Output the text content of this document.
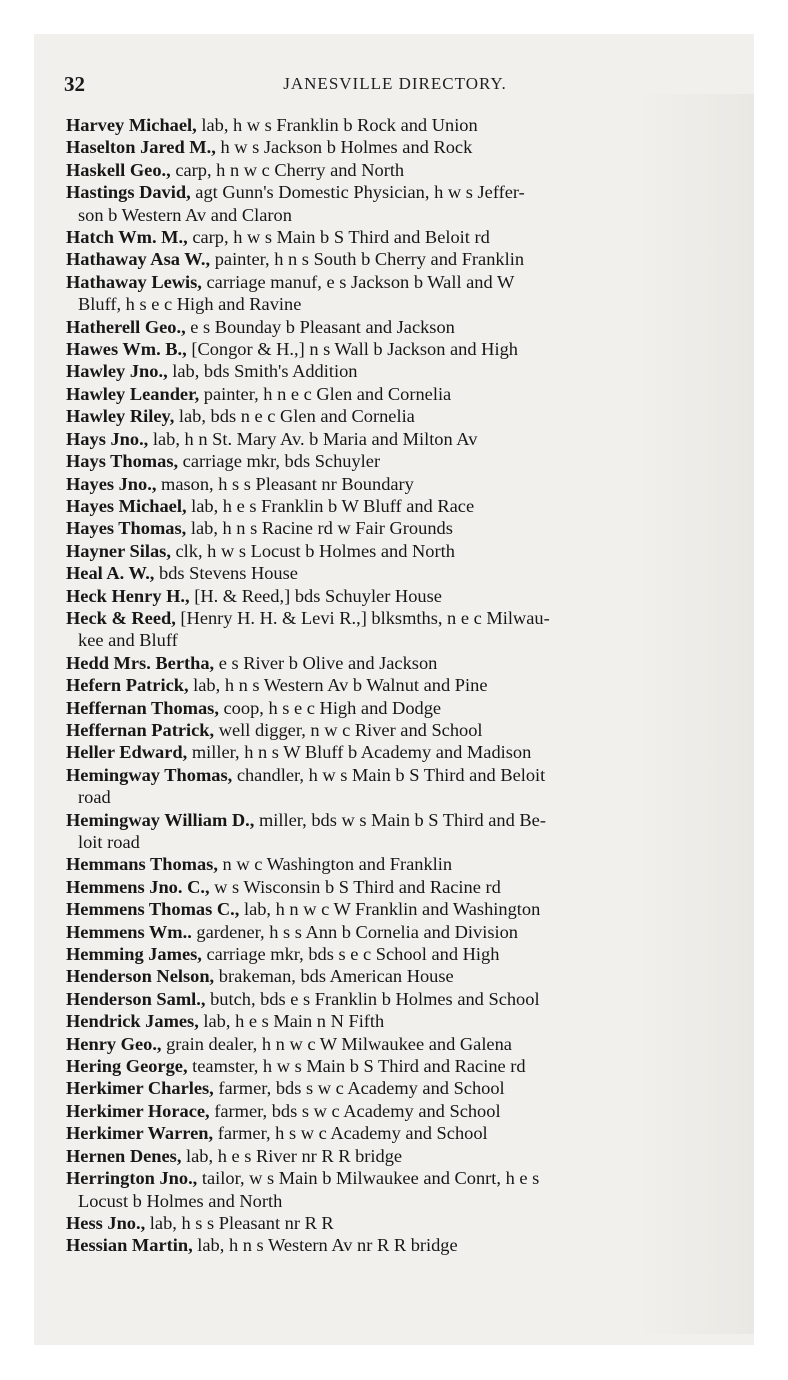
32	JANESVILLE DIRECTORY.
Harvey Michael, lab, h w s Franklin b Rock and Union
Haselton Jared M., h w s Jackson b Holmes and Rock
Haskell Geo., carp, h n w c Cherry and North
Hastings David, agt Gunn's Domestic Physician, h w s Jeffer-
son b Western Av and Claron
Hatch Wm. M., carp, h w s Main b S Third and Beloit rd
Hathaway Asa W., painter, h n s South b Cherry and Franklin
Hathaway Lewis, carriage manuf, e s Jackson b Wall and W
Bluff, h s e c High and Ravine
Hatherell Geo., e s Bounday b Pleasant and Jackson
Hawes Wm. B., [Congor & H.,] n s Wall b Jackson and High
Hawley Jno., lab, bds Smith's Addition
Hawley Leander, painter, h n e c Glen and Cornelia
Hawley Riley, lab, bds n e c Glen and Cornelia
Hays Jno., lab, h n St. Mary Av. b Maria and Milton Av
Hays Thomas, carriage mkr, bds Schuyler
Hayes Jno., mason, h s s Pleasant nr Boundary
Hayes Michael, lab, h e s Franklin b W Bluff and Race
Hayes Thomas, lab, h n s Racine rd w Fair Grounds
Hayner Silas, clk, h w s Locust b Holmes and North
Heal A. W., bds Stevens House
Heck Henry H., [H. & Reed,] bds Schuyler House
Heck & Reed, [Henry H. H. & Levi R.,] blksmths, n e c Milwau-
kee and Bluff
Hedd Mrs. Bertha, e s River b Olive and Jackson
Hefern Patrick, lab, h n s Western Av b Walnut and Pine
Heffernan Thomas, coop, h s e c High and Dodge
Heffernan Patrick, well digger, n w c River and School
Heller Edward, miller, h n s W Bluff b Academy and Madison
Hemingway Thomas, chandler, h w s Main b S Third and Beloit
road
Hemingway William D., miller, bds w s Main b S Third and Be-
loit road
Hemmans Thomas, n w c Washington and Franklin
Hemmens Jno. C., w s Wisconsin b S Third and Racine rd
Hemmens Thomas C., lab, h n w c W Franklin and Washington
Hemmens Wm.. gardener, h s s Ann b Cornelia and Division
Hemming James, carriage mkr, bds s e c School and High
Henderson Nelson, brakeman, bds American House
Henderson Saml., butch, bds e s Franklin b Holmes and School
Hendrick James, lab, h e s Main n N Fifth
Henry Geo., grain dealer, h n w c W Milwaukee and Galena
Hering George, teamster, h w s Main b S Third and Racine rd
Herkimer Charles, farmer, bds s w c Academy and School
Herkimer Horace, farmer, bds s w c Academy and School
Herkimer Warren, farmer, h s w c Academy and School
Hernen Denes, lab, h e s River nr R R bridge
Herrington Jno., tailor, w s Main b Milwaukee and Conrt, h e s
Locust b Holmes and North
Hess Jno., lab, h s s Pleasant nr R R
Hessian Martin, lab, h n s Western Av nr R R bridge
